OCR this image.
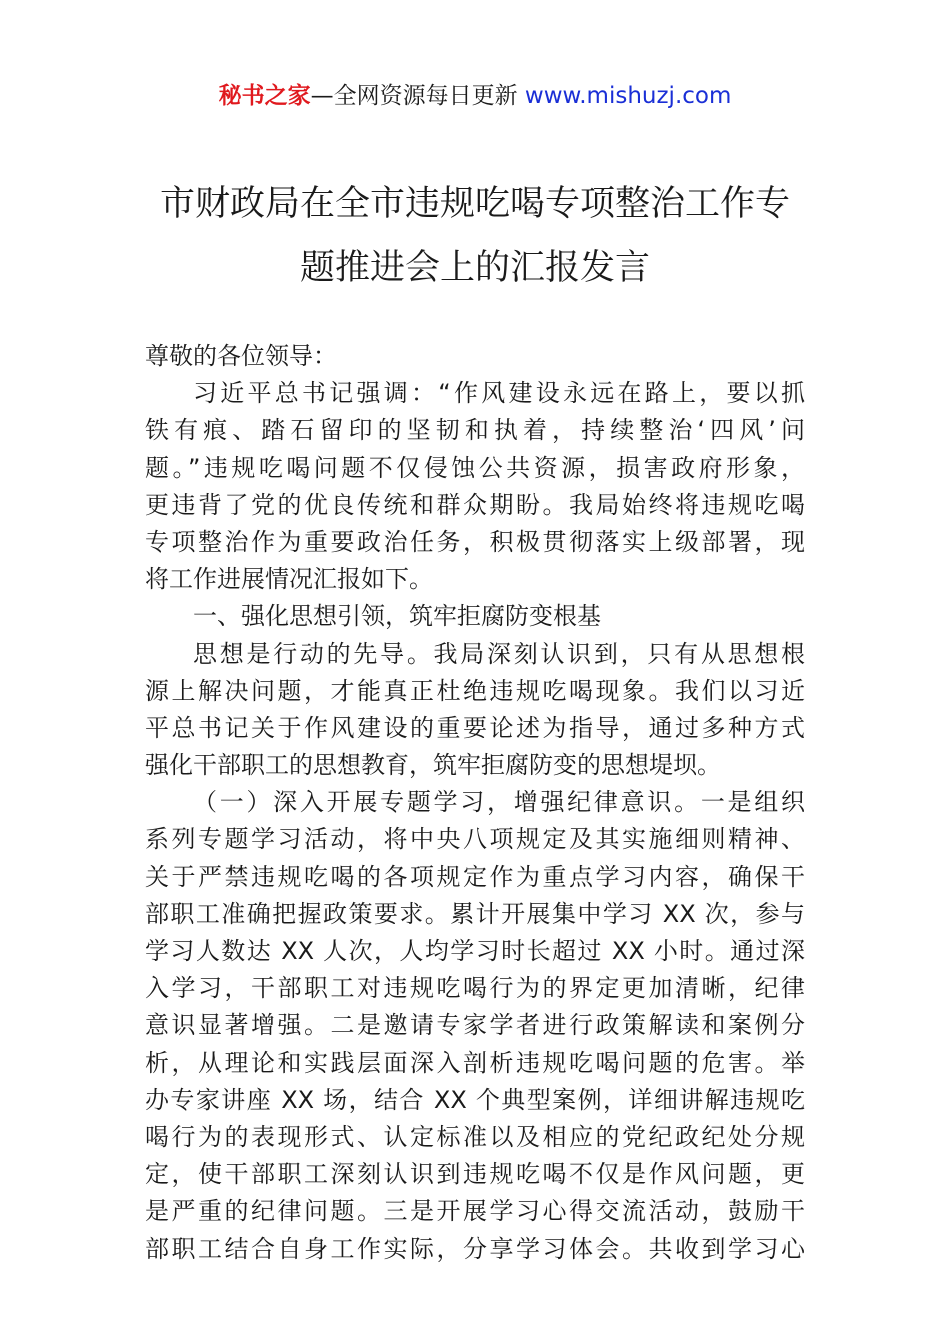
秘书之家—全网资源每日更新 www.mishuzj.com
市财政局在全市违规吃喝专项整治工作专
题推进会上的汇报发言
尊敬的各位领导：
习近平总书记强调：“作风建设永远在路上，要以抓
铁有痕、踏石留印的坚韧和执着，持续整治‘四风’问
题。”违规吃喝问题不仅侵蚀公共资源，损害政府形象，
更违背了党的优良传统和群众期盼。我局始终将违规吃喝
专项整治作为重要政治任务，积极贯彻落实上级部署，现
将工作进展情况汇报如下。
一、强化思想引领，筑牢拒腐防变根基
思想是行动的先导。我局深刻认识到，只有从思想根
源上解决问题，才能真正杜绝违规吃喝现象。我们以习近
平总书记关于作风建设的重要论述为指导，通过多种方式
强化干部职工的思想教育，筑牢拒腐防变的思想堤坝。
（一）深入开展专题学习，增强纪律意识。一是组织
系列专题学习活动，将中央八项规定及其实施细则精神、
关于严禁违规吃喝的各项规定作为重点学习内容，确保干
部职工准确把握政策要求。累计开展集中学习 XX 次，参与
学习人数达 XX 人次，人均学习时长超过 XX 小时。通过深
入学习，干部职工对违规吃喝行为的界定更加清晰，纪律
意识显著增强。二是邀请专家学者进行政策解读和案例分
析，从理论和实践层面深入剖析违规吃喝问题的危害。举
办专家讲座 XX 场，结合 XX 个典型案例，详细讲解违规吃
喝行为的表现形式、认定标准以及相应的党纪政纪处分规
定，使干部职工深刻认识到违规吃喝不仅是作风问题，更
是严重的纪律问题。三是开展学习心得交流活动，鼓励干
部职工结合自身工作实际，分享学习体会。共收到学习心
